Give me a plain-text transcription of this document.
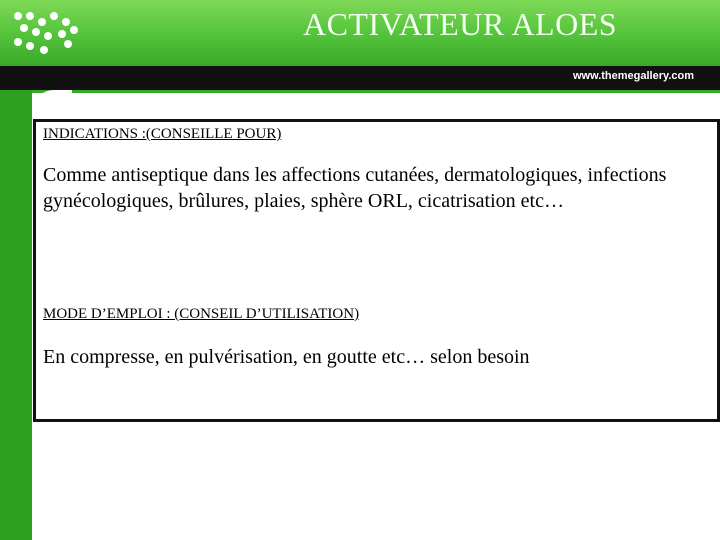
ACTIVATEUR ALOES
www.themegallery.com
INDICATIONS :(CONSEILLE POUR)
Comme antiseptique dans les affections cutanées, dermatologiques, infections gynécologiques, brûlures, plaies, sphère ORL, cicatrisation etc…
MODE D’EMPLOI : (CONSEIL D’UTILISATION)
En compresse, en pulvérisation, en goutte etc… selon besoin
